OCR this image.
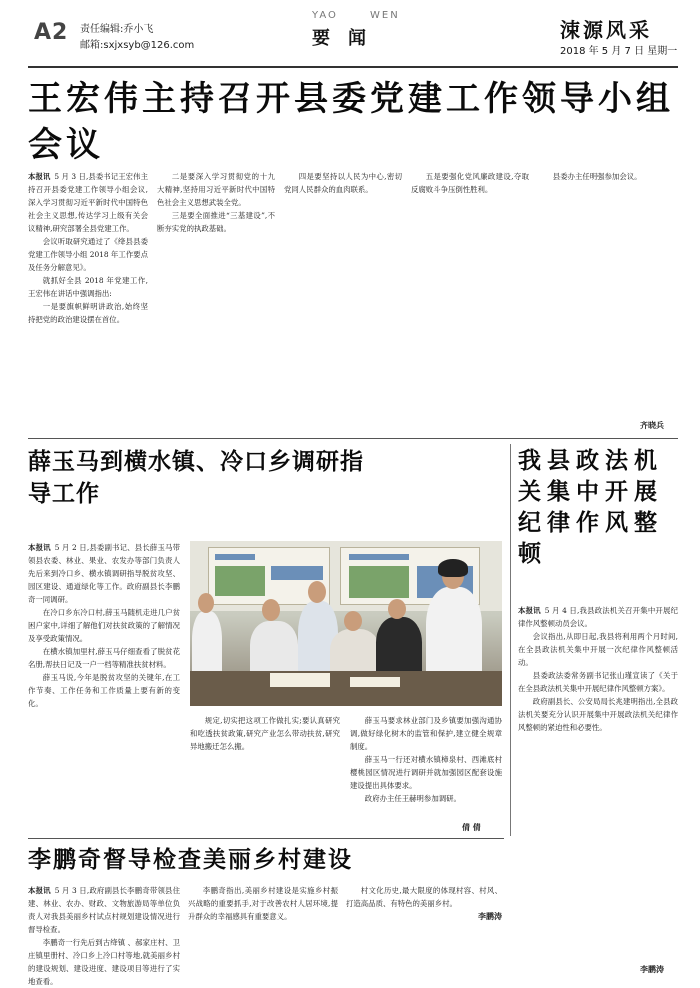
A2 责任编辑:乔小飞
邮箱:sxjxsyb@126.com
YAO	WEN
要闻	涑源风采
2018 年 5 月 7 日 星期一
王宏伟主持召开县委党建工作领导小组会议

本报讯 5 月 3 日,县委书记王宏伟主持召开县委党建工作领导小组会议,深入学习贯彻习近平新时代中国特色社会主义思想,传达学习上级有关会议精神,研究部署全县党建工作。

会议听取研究通过了《绛县县委党建工作领导小组 2018 年工作要点及任务分解意见》。

就抓好全县 2018 年党建工作,王宏伟在讲话中强调指出:

一是要旗帜鲜明讲政治,始终坚持把党的政治建设摆在首位。

二是要深入学习贯彻党的十九大精神,坚持用习近平新时代中国特色社会主义思想武装全党。

三是要全面推进“三基建设”,不断夯实党的执政基础。

四是要坚持以人民为中心,密切党同人民群众的血肉联系。

五是要强化党风廉政建设,夺取反腐败斗争压倒性胜利。

县委办主任明强参加会议。

齐晓兵
薛玉马到横水镇、冷口乡调研指导工作

本报讯 5 月 2 日,县委副书记、县长薛玉马带领县农委、林业、果业、农发办等部门负责人先后来到冷口乡、横水镇调研指导脱贫攻坚、园区建设、通道绿化等工作。政府副县长李鹏奇一同调研。

在冷口乡东冷口村,薛玉马随机走进几户贫困户家中,详细了解他们对扶贫政策的了解情况及享受政策情况。

在横水镇加里村,薛玉马仔细查看了脱贫花名册,帮扶日记及一户一档等精准扶贫材料。

薛玉马说,今年是脱贫攻坚的关键年,在工作节奏、工作任务和工作质量上要有新的变化。

规定,切实把这项工作做扎实;要认真研究和吃透扶贫政策,研究产业怎么带动扶贫,研究异地搬迁怎么搬。

薛玉马要求林业部门及乡镇要加强沟通协调,做好绿化树木的监管和保护,建立健全规章制度。

薛玉马一行还对横水镇樟泉村、西滩底村樱桃园区情况进行调研并就加强园区配套设施建设提出具体要求。

政府办主任王赫明参加调研。

倩 倩
我县政法机关集中开展纪律作风整顿

本报讯 5 月 4 日,我县政法机关召开集中开展纪律作风整顿动员会议。

会议指出,从即日起,我县将利用两个月时间,在全县政法机关集中开展一次纪律作风整顿活动。

县委政法委常务副书记张山瑾宣读了《关于在全县政法机关集中开展纪律作风整顿方案》。

政府副县长、公安局局长兆建明指出,全县政法机关要充分认识开展集中开展政法机关纪律作风整顿的紧迫性和必要性。

李鹏涛
李鹏奇督导检查美丽乡村建设

本报讯 5 月 3 日,政府副县长李鹏奇带领县住建、林业、农办、财政、文物旅游局等单位负责人对我县美丽乡村试点村规划建设情况进行督导检查。

李鹏奇一行先后到古绛镇 、郝家庄村、卫庄镇里册村、冷口乡上冷口村等地,就美丽乡村的建设规划、建设进度、建设项目等进行了实地查看。

李鹏奇指出,美丽乡村建设是实施乡村振兴战略的重要抓手,对于改善农村人居环境,提升群众的幸福感具有重要意义。

村文化历史,最大限度的体现村容、村风、打造高品质、有特色的美丽乡村。

李鹏涛
